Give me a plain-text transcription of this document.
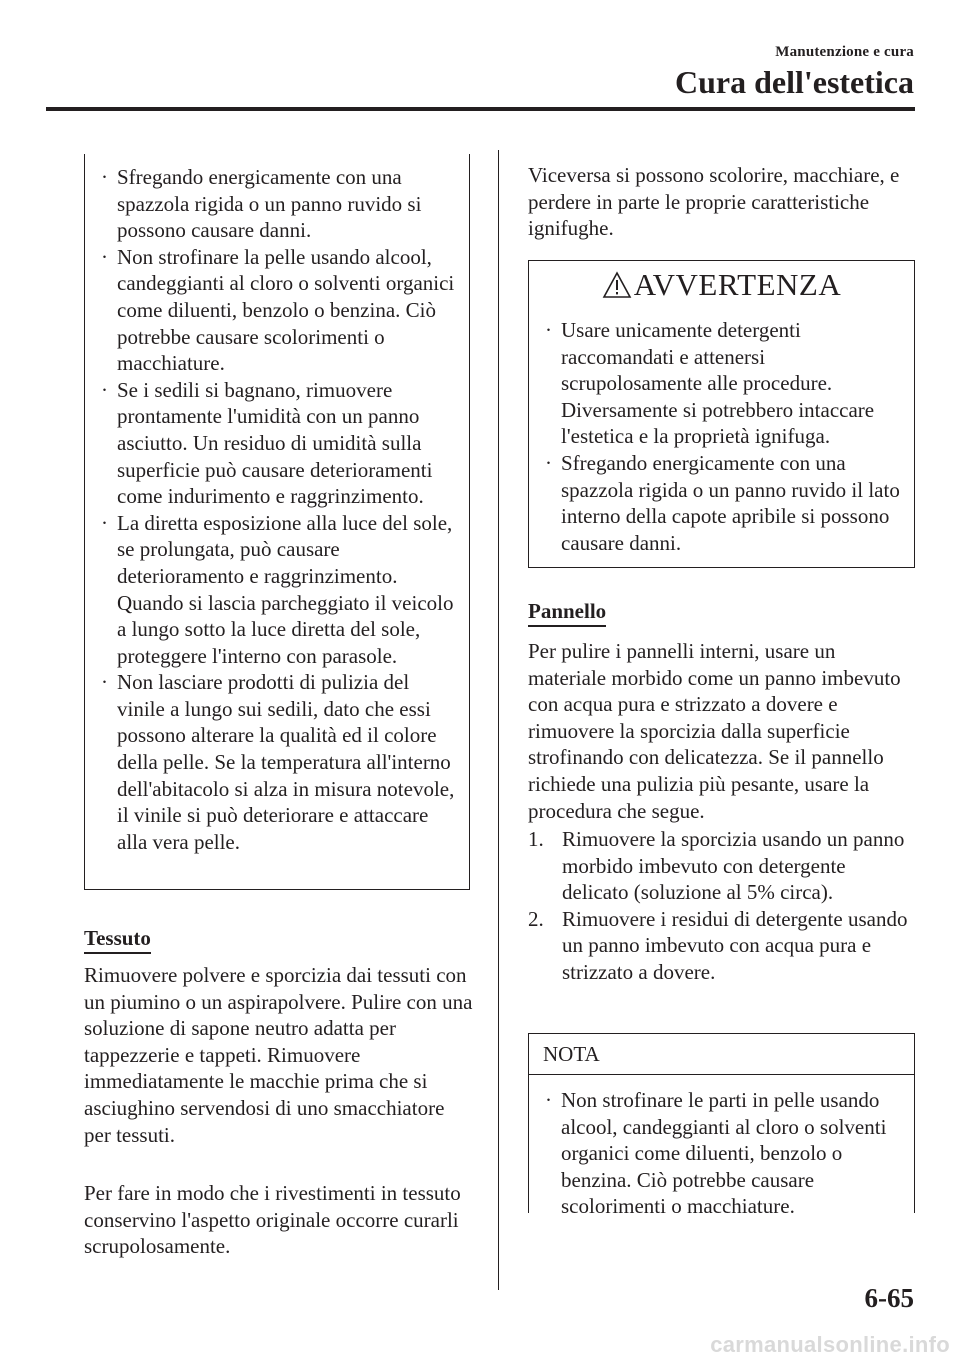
Manutenzione e cura
Cura dell'estetica
· Sfregando energicamente con una spazzola rigida o un panno ruvido si possono causare danni.
· Non strofinare la pelle usando alcool, candeggianti al cloro o solventi organici come diluenti, benzolo o benzina. Ciò potrebbe causare scolorimenti o macchiature.
· Se i sedili si bagnano, rimuovere prontamente l'umidità con un panno asciutto. Un residuo di umidità sulla superficie può causare deterioramenti come indurimento e raggrinzimento.
· La diretta esposizione alla luce del sole, se prolungata, può causare deterioramento e raggrinzimento. Quando si lascia parcheggiato il veicolo a lungo sotto la luce diretta del sole, proteggere l'interno con parasole.
· Non lasciare prodotti di pulizia del vinile a lungo sui sedili, dato che essi possono alterare la qualità ed il colore della pelle. Se la temperatura all'interno dell'abitacolo si alza in misura notevole, il vinile si può deteriorare e attaccare alla vera pelle.
Tessuto
Rimuovere polvere e sporcizia dai tessuti con un piumino o un aspirapolvere. Pulire con una soluzione di sapone neutro adatta per tappezzerie e tappeti. Rimuovere immediatamente le macchie prima che si asciughino servendosi di uno smacchiatore per tessuti.
Per fare in modo che i rivestimenti in tessuto conservino l'aspetto originale occorre curarli scrupolosamente.
Viceversa si possono scolorire, macchiare, e perdere in parte le proprie caratteristiche ignifughe.
AVVERTENZA
· Usare unicamente detergenti raccomandati e attenersi scrupolosamente alle procedure. Diversamente si potrebbero intaccare l'estetica e la proprietà ignifuga.
· Sfregando energicamente con una spazzola rigida o un panno ruvido il lato interno della capote apribile si possono causare danni.
Pannello
Per pulire i pannelli interni, usare un materiale morbido come un panno imbevuto con acqua pura e strizzato a dovere e rimuovere la sporcizia dalla superficie strofinando con delicatezza. Se il pannello richiede una pulizia più pesante, usare la procedura che segue.
1. Rimuovere la sporcizia usando un panno morbido imbevuto con detergente delicato (soluzione al 5% circa).
2. Rimuovere i residui di detergente usando un panno imbevuto con acqua pura e strizzato a dovere.
NOTA
· Non strofinare le parti in pelle usando alcool, candeggianti al cloro o solventi organici come diluenti, benzolo o benzina. Ciò potrebbe causare scolorimenti o macchiature.
6-65
carmanualsonline.info
